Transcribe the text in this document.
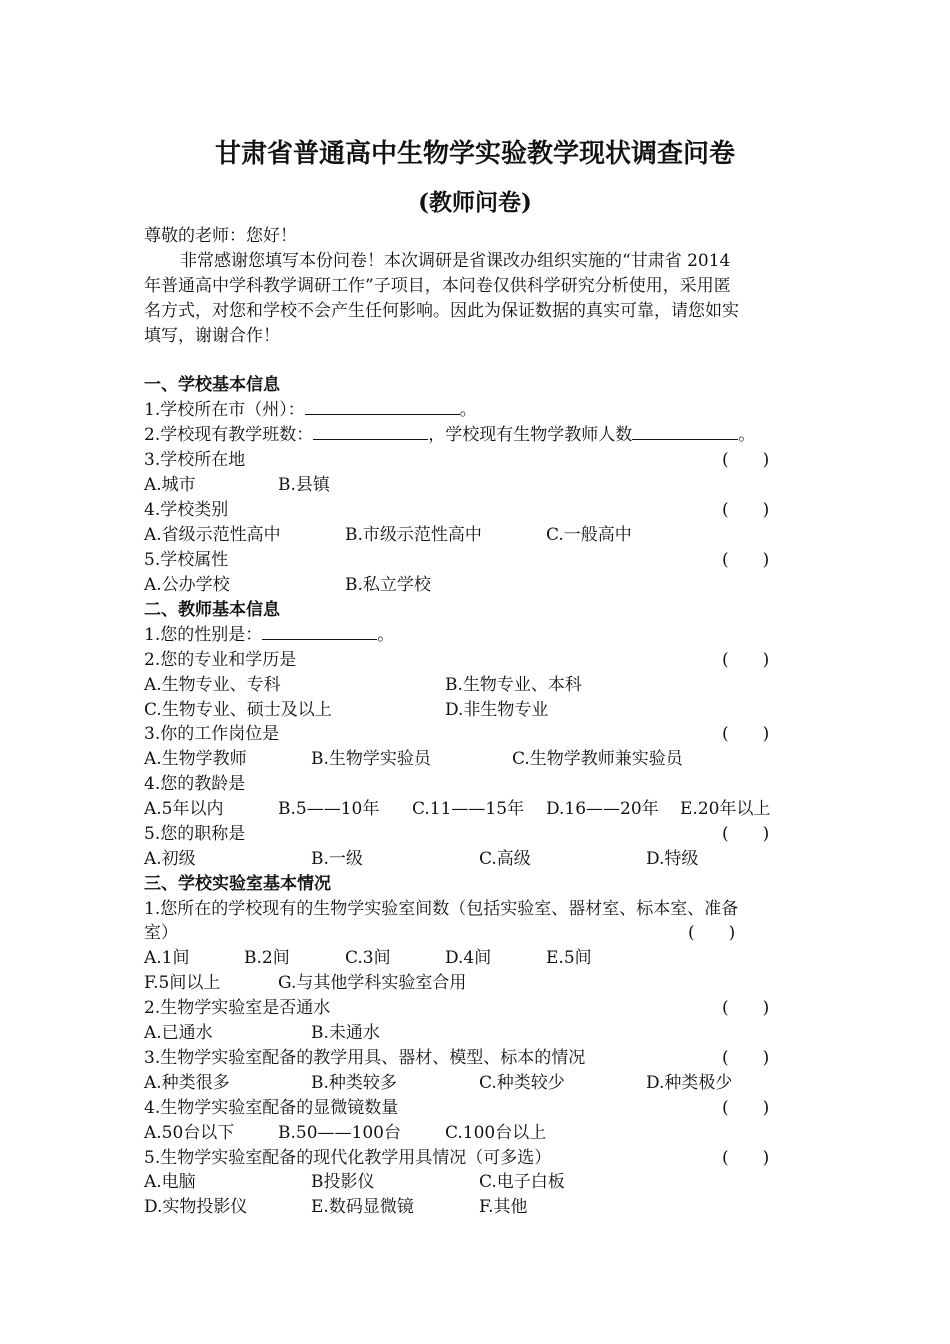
甘肃省普通高中生物学实验教学现状调查问卷
(教师问卷)
尊敬的老师：您好！
非常感谢您填写本份问卷！本次调研是省课改办组织实施的“甘肃省 2014
年普通高中学科教学调研工作”子项目，本问卷仅供科学研究分析使用，采用匿
名方式，对您和学校不会产生任何影响。因此为保证数据的真实可靠，请您如实
填写，谢谢合作！
一、学校基本信息
1.学校所在市（州）：	。
2.学校现有教学班数：	，学校现有生物学教师人数	。
3.学校所在地	(　　)
A.城市	B.县镇
4.学校类别	(　　)
A.省级示范性高中	B.市级示范性高中	C.一般高中
5.学校属性	(　　)
A.公办学校	B.私立学校
二、教师基本信息
1.您的性别是：	。
2.您的专业和学历是	(　　)
A.生物专业、专科	B.生物专业、本科
C.生物专业、硕士及以上	D.非生物专业
3.你的工作岗位是	(　　)
A.生物学教师	B.生物学实验员	C.生物学教师兼实验员
4.您的教龄是
A.5年以内	B.5——10年 C.11——15年 D.16——20年 E.20年以上
5.您的职称是	(　　)
A.初级	B.一级	C.高级	D.特级
三、学校实验室基本情况
1.您所在的学校现有的生物学实验室间数（包括实验室、器材室、标本室、准备
室）	(　　)
A.1间	B.2间	C.3间	D.4间	E.5间
F.5间以上	G.与其他学科实验室合用
2.生物学实验室是否通水	(　　)
A.已通水	B.未通水
3.生物学实验室配备的教学用具、器材、模型、标本的情况	(　　)
A.种类很多	B.种类较多	C.种类较少	D.种类极少
4.生物学实验室配备的显微镜数量	(　　)
A.50台以下	B.50——100台	C.100台以上
5.生物学实验室配备的现代化教学用具情况（可多选）	(　　)
A.电脑	B投影仪	C.电子白板
D.实物投影仪	E.数码显微镜	F.其他
